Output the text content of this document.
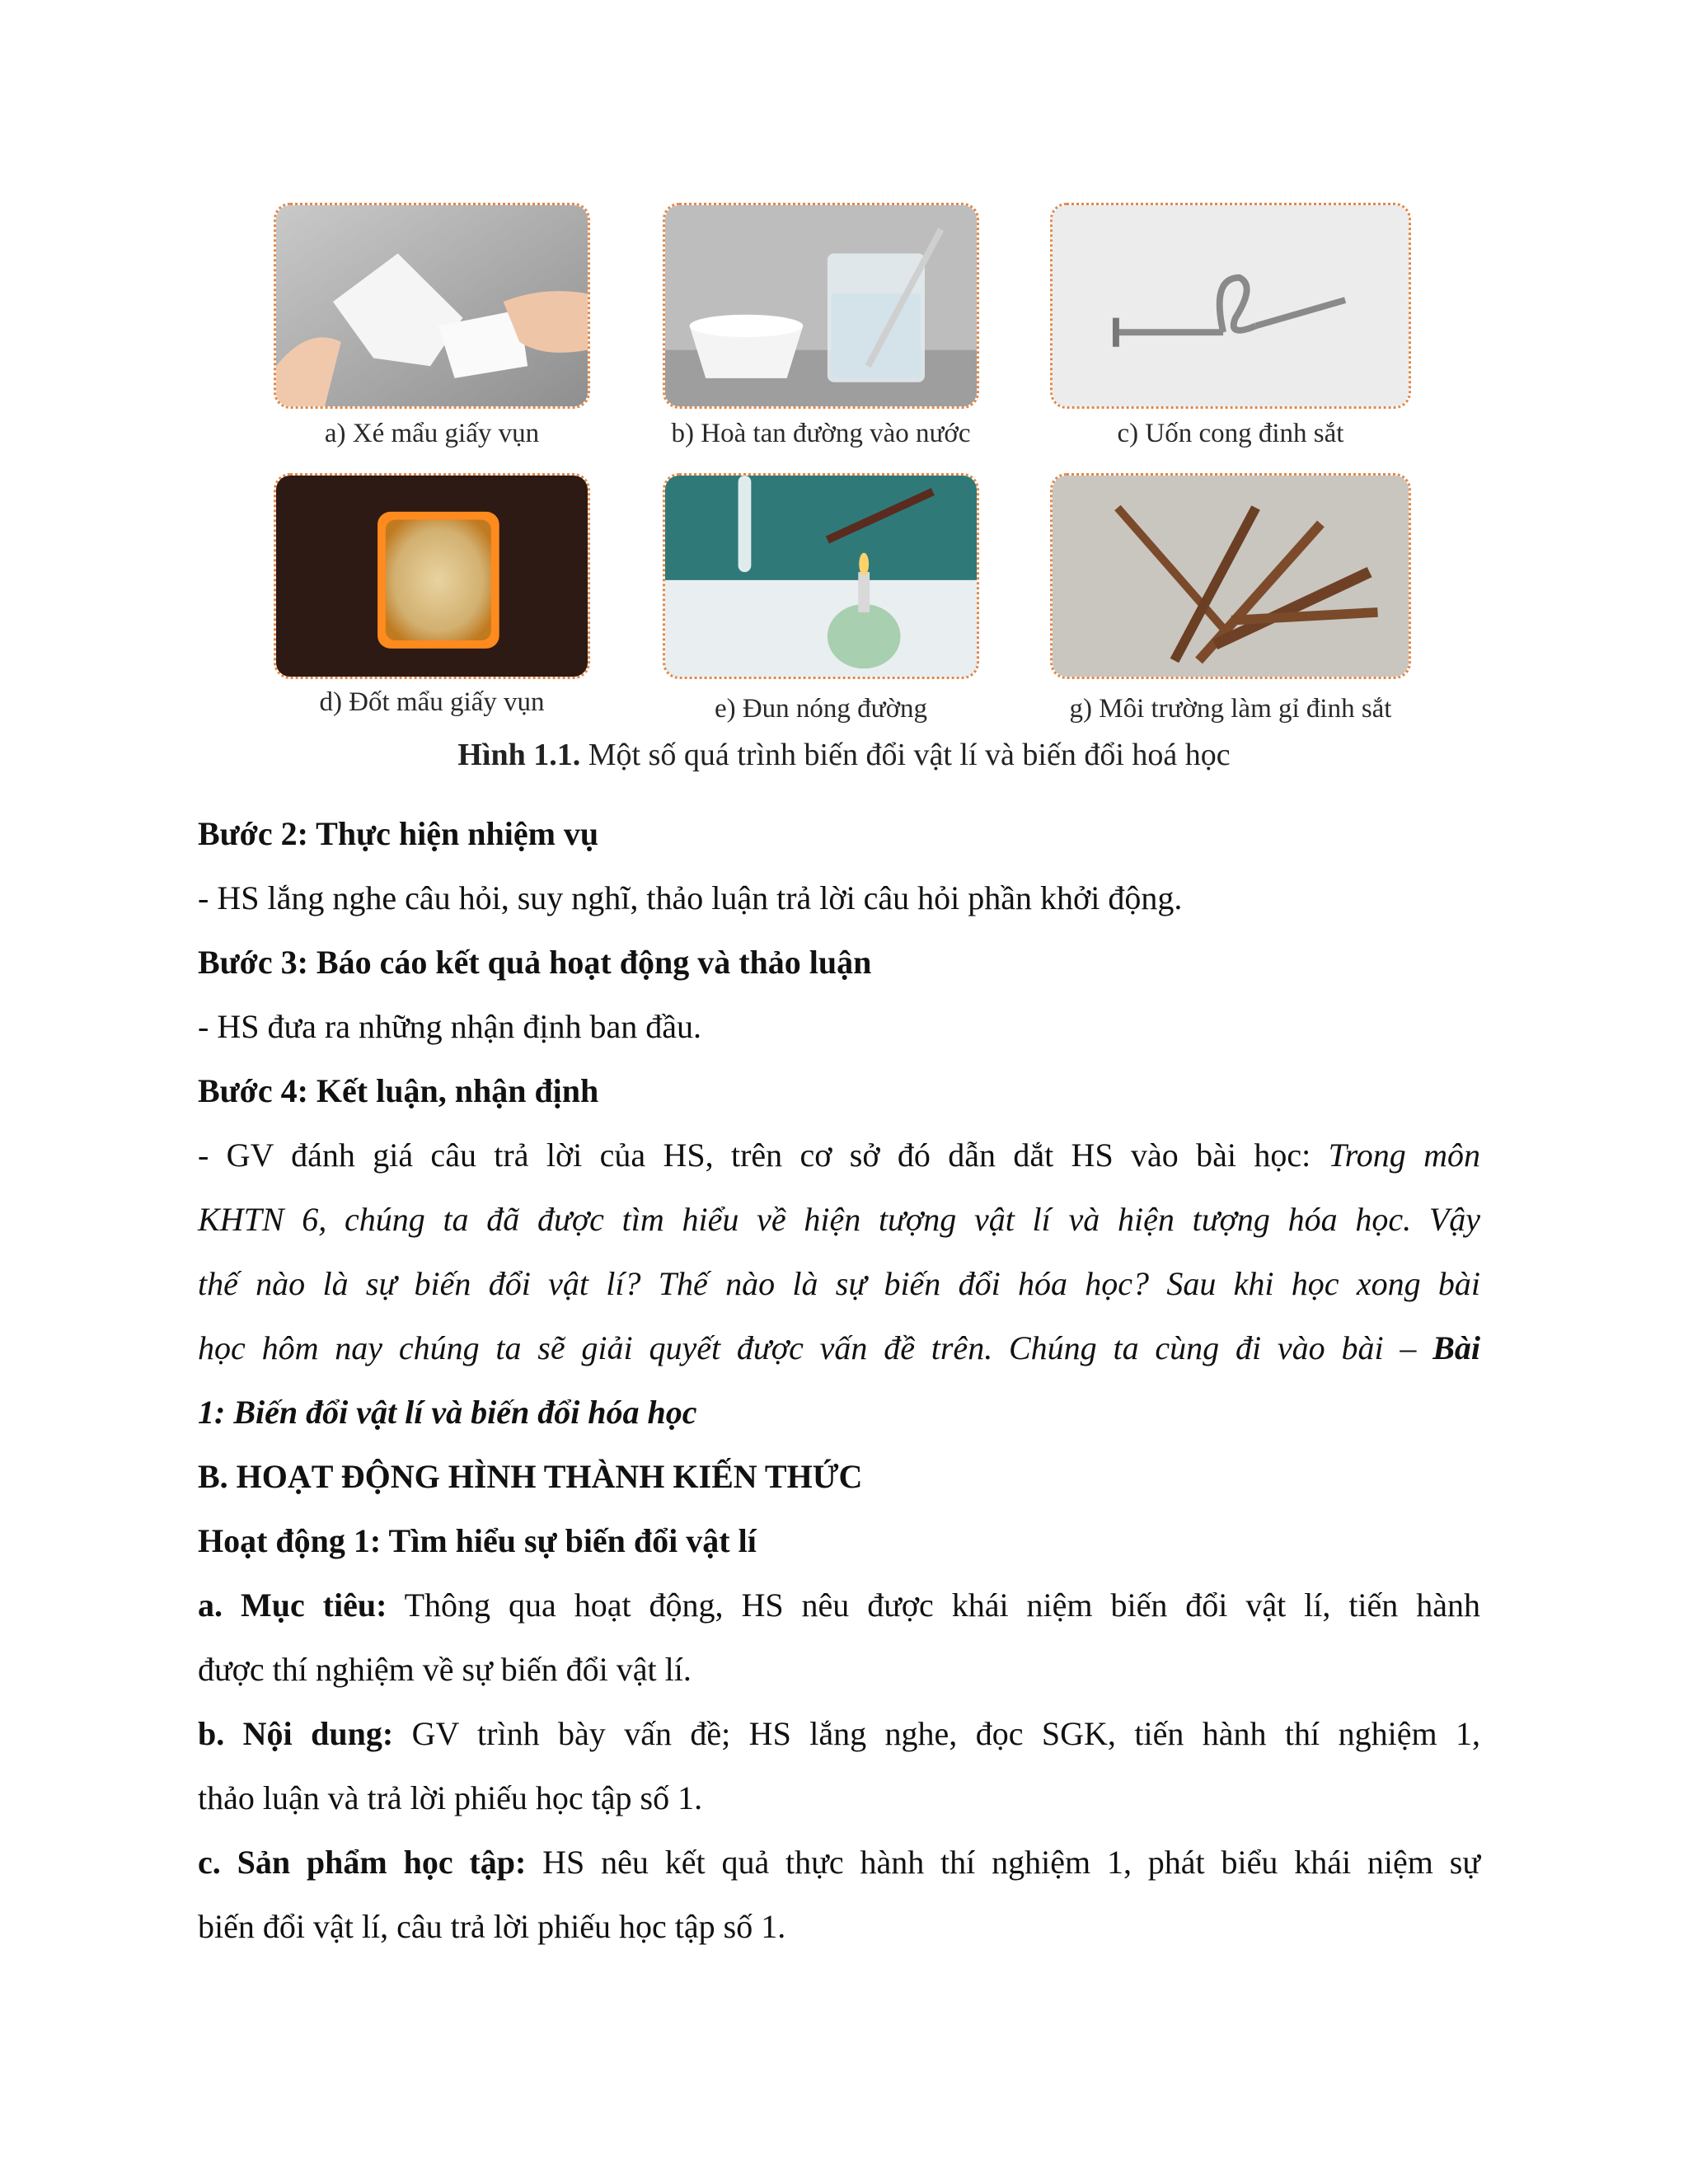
a) Xé mẩu giấy vụn	b) Hoà tan đường vào nước	c) Uốn cong đinh sắt
d) Đốt mẩu giấy vụn	e) Đun nóng đường	g) Môi trường làm gỉ đinh sắt
Hình 1.1. Một số quá trình biến đổi vật lí và biến đổi hoá học
Bước 2: Thực hiện nhiệm vụ
- HS lắng nghe câu hỏi, suy nghĩ, thảo luận trả lời câu hỏi phần khởi động.
Bước 3: Báo cáo kết quả hoạt động và thảo luận
- HS đưa ra những nhận định ban đầu.
Bước 4: Kết luận, nhận định
- GV đánh giá câu trả lời của HS, trên cơ sở đó dẫn dắt HS vào bài học: Trong môn
KHTN 6, chúng ta đã được tìm hiểu về hiện tượng vật lí và hiện tượng hóa học. Vậy
thế nào là sự biến đổi vật lí? Thế nào là sự biến đổi hóa học? Sau khi học xong bài
học hôm nay chúng ta sẽ giải quyết được vấn đề trên. Chúng ta cùng đi vào bài – Bài
1: Biến đổi vật lí và biến đổi hóa học
B. HOẠT ĐỘNG HÌNH THÀNH KIẾN THỨC
Hoạt động 1: Tìm hiểu sự biến đổi vật lí
a. Mục tiêu: Thông qua hoạt động, HS nêu được khái niệm biến đổi vật lí, tiến hành
được thí nghiệm về sự biến đổi vật lí.
b. Nội dung: GV trình bày vấn đề; HS lắng nghe, đọc SGK, tiến hành thí nghiệm 1,
thảo luận và trả lời phiếu học tập số 1.
c. Sản phẩm học tập: HS nêu kết quả thực hành thí nghiệm 1, phát biểu khái niệm sự
biến đổi vật lí, câu trả lời phiếu học tập số 1.
